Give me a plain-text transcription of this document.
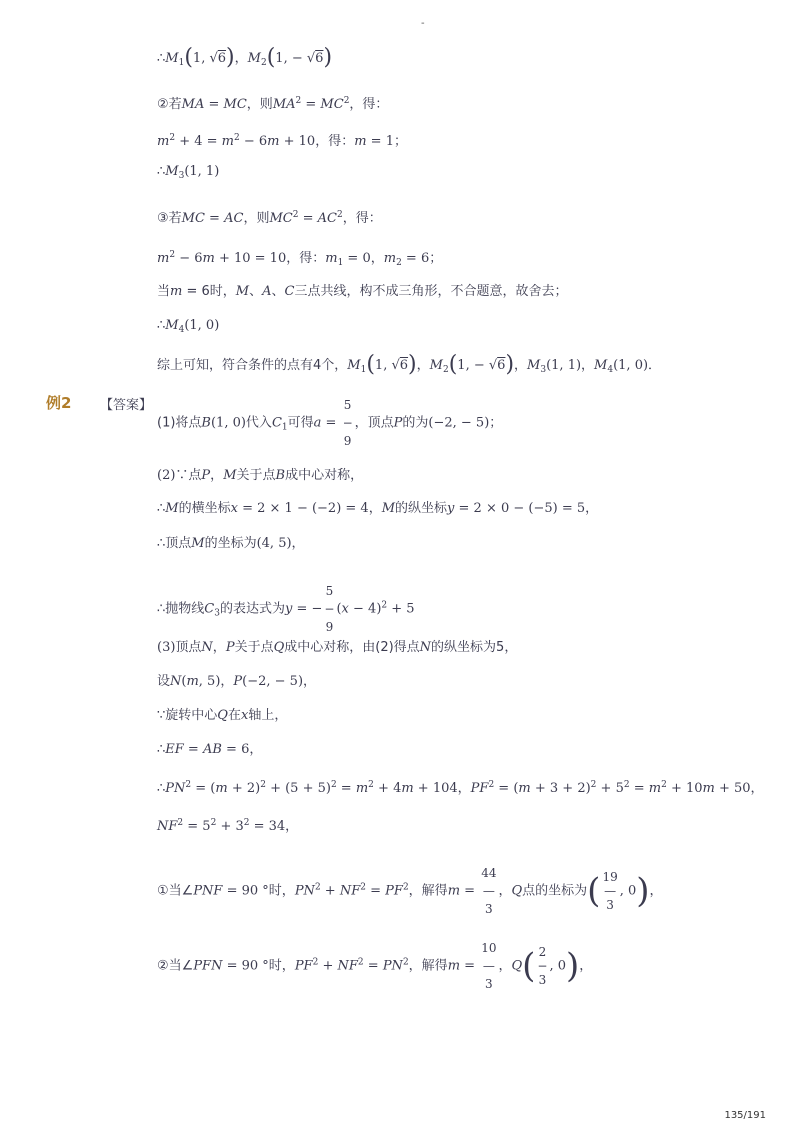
-
$\therefore M_1(1$, √6)，$M_2(1$, − √6)
②若MA = MC，则$MA^2 = MC^2$，得：
$m^2 + 4 = m^2 - 6m + 10$，得：m = 1；
$\therefore M_3(1$, 1)
③若MC = AC，则$MC^2 = AC^2$，得：
$m^2 - 6m + 10 = 10$，得：$m_1 = 0$，$m_2 = 6$；
当m = 6时，M、A、C三点共线，构不成三角形，不合题意，故舍去；
$\therefore M_4(1$, 0)
综上可知，符合条件的点有4个，$M_1(1$, √6)，$M_2(1$, − √6)，$M_3(1$, 1)，$M_4(1$, 0)．
例2 【答案】
(1)将点B(1, 0)代入$C_1$可得a =
5
−
9
，顶点P的为(−2, − 5)；
(2)∵点P，M关于点B成中心对称，
∴M的横坐标x = 2 × 1 − (−2) = 4，M的纵坐标y = 2 × 0 − (−5) = 5，
∴顶点M的坐标为(4, 5)，
∴抛物线$C_3$的表达式为y = −
5
−
9
$(x - 4)^2 + 5$
(3)顶点N，P关于点Q成中心对称，由(2)得点N的纵坐标为5，
设N(m, 5)，P(−2, − 5)，
∵旋转中心Q在x轴上，
∴EF = AB = 6，
$\therefore PN^2 = (m + 2)^2 + (5 + 5)^2 = m^2 + 4m + 104$，$PF^2 = (m + 3 + 2)^2 + 5^2 = m^2 + 10m + 50$，
$NF^2 = 5^2 + 3^2 = 34$，
①当∠PNF = 90 °时，$PN^2 + NF^2 = PF^2$，解得m =
44
—
3
，Q点的坐标为( 19
—
3
, 0)，
②当∠PFN = 90 °时，$PF^2 + NF^2 = PN^2$，解得m =
10
—
3
，Q( 2
−
3
, 0)，
135/191
